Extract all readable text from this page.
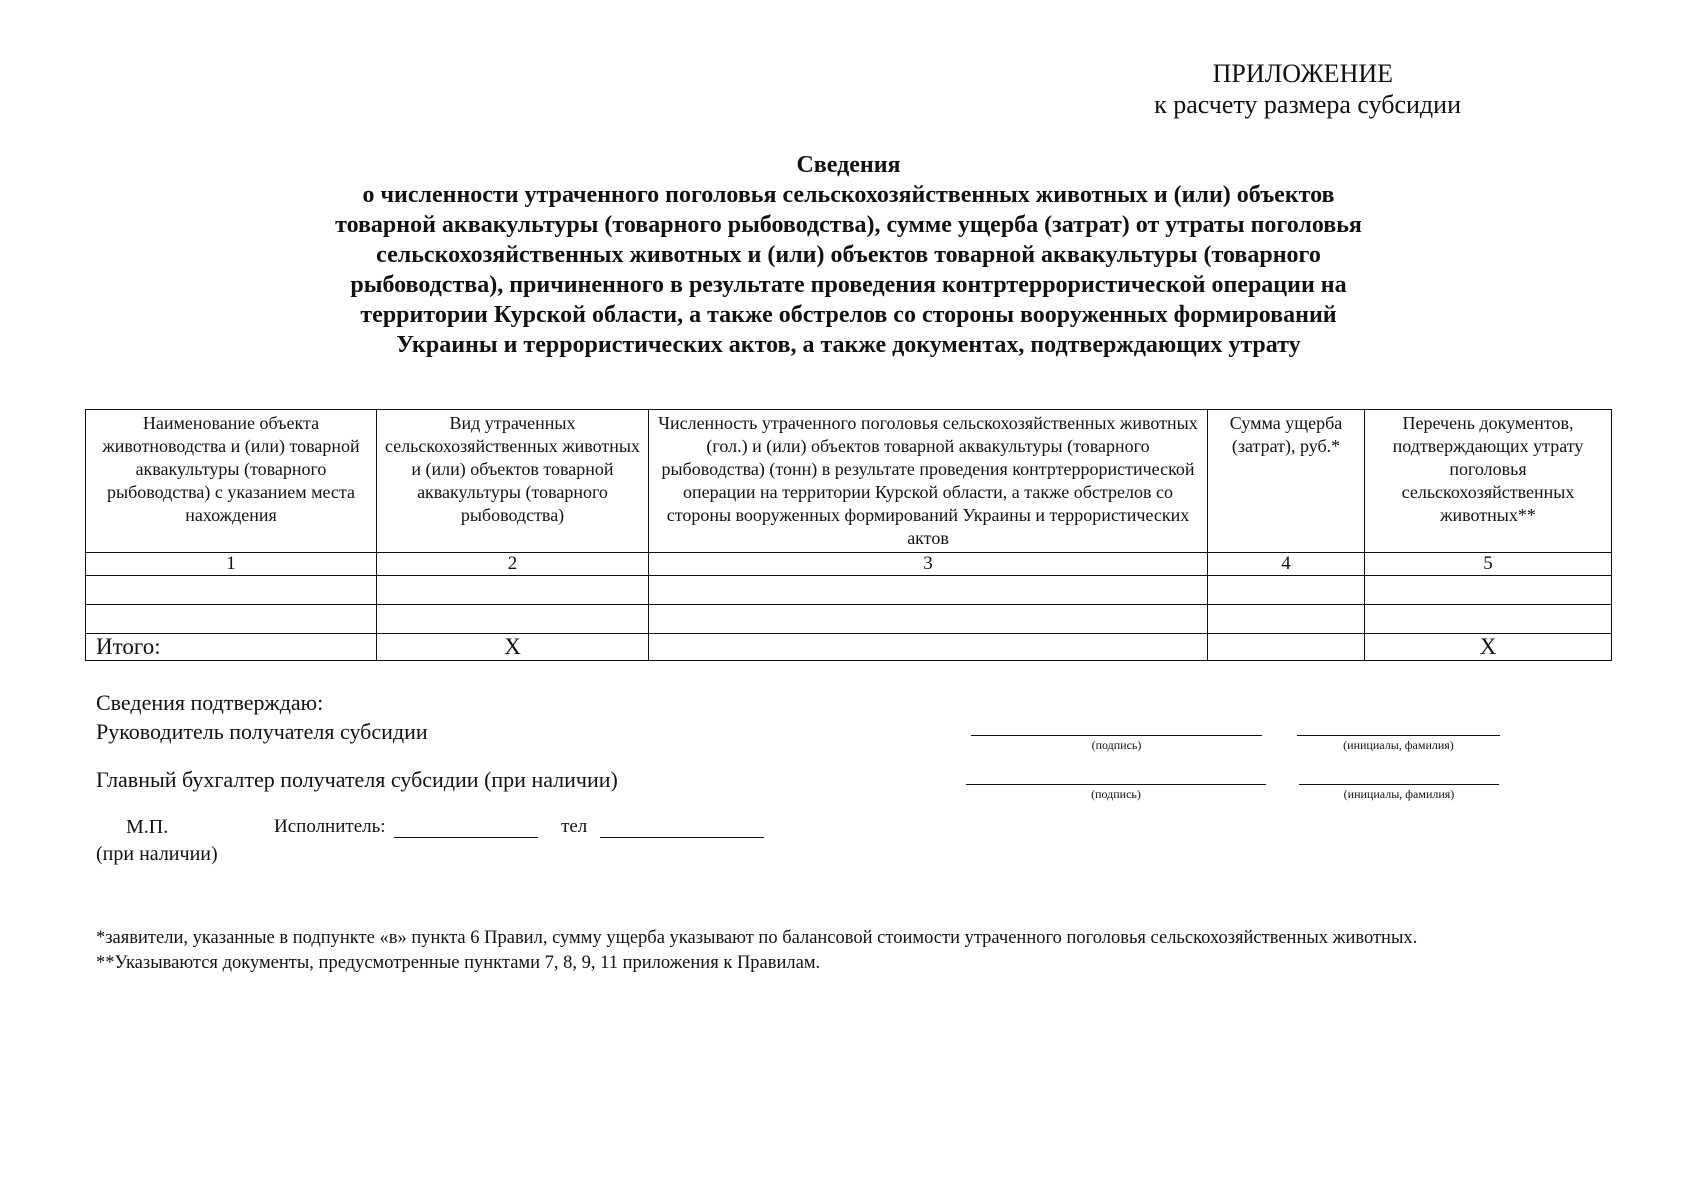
ПРИЛОЖЕНИЕ
к расчету размера субсидии
Сведения
о численности утраченного поголовья сельскохозяйственных животных и (или) объектов
товарной аквакультуры (товарного рыбоводства), сумме ущерба (затрат) от утраты поголовья
сельскохозяйственных животных и (или) объектов товарной аквакультуры (товарного
рыбоводства), причиненного в результате проведения контртеррористической операции на
территории Курской области, а также обстрелов со стороны вооруженных формирований
Украины и террористических актов, а также документах, подтверждающих утрату
Наименование объекта животноводства и (или) товарной аквакультуры (товарного рыбоводства) с указанием места нахождения	Вид утраченных сельскохозяйственных животных и (или) объектов товарной аквакультуры (товарного рыбоводства)	Численность утраченного поголовья сельскохозяйственных животных (гол.) и (или) объектов товарной аквакультуры (товарного рыбоводства) (тонн) в результате проведения контртеррористической операции на территории Курской области, а также обстрелов со стороны вооруженных формирований Украины и террористических актов	Сумма ущерба (затрат), руб.*	Перечень документов, подтверждающих утрату поголовья сельскохозяйственных животных**
1	2	3	4	5

Итого:	X			X
Сведения подтверждаю:
Руководитель получателя субсидии
(подпись)	(инициалы, фамилия)
Главный бухгалтер получателя субсидии (при наличии)
(подпись)	(инициалы, фамилия)
М.П.
(при наличии)
Исполнитель:	тел
*заявители, указанные в подпункте «в» пункта 6 Правил, сумму ущерба указывают по балансовой стоимости утраченного поголовья сельскохозяйственных животных.
**Указываются документы, предусмотренные пунктами 7, 8, 9, 11 приложения к Правилам.
